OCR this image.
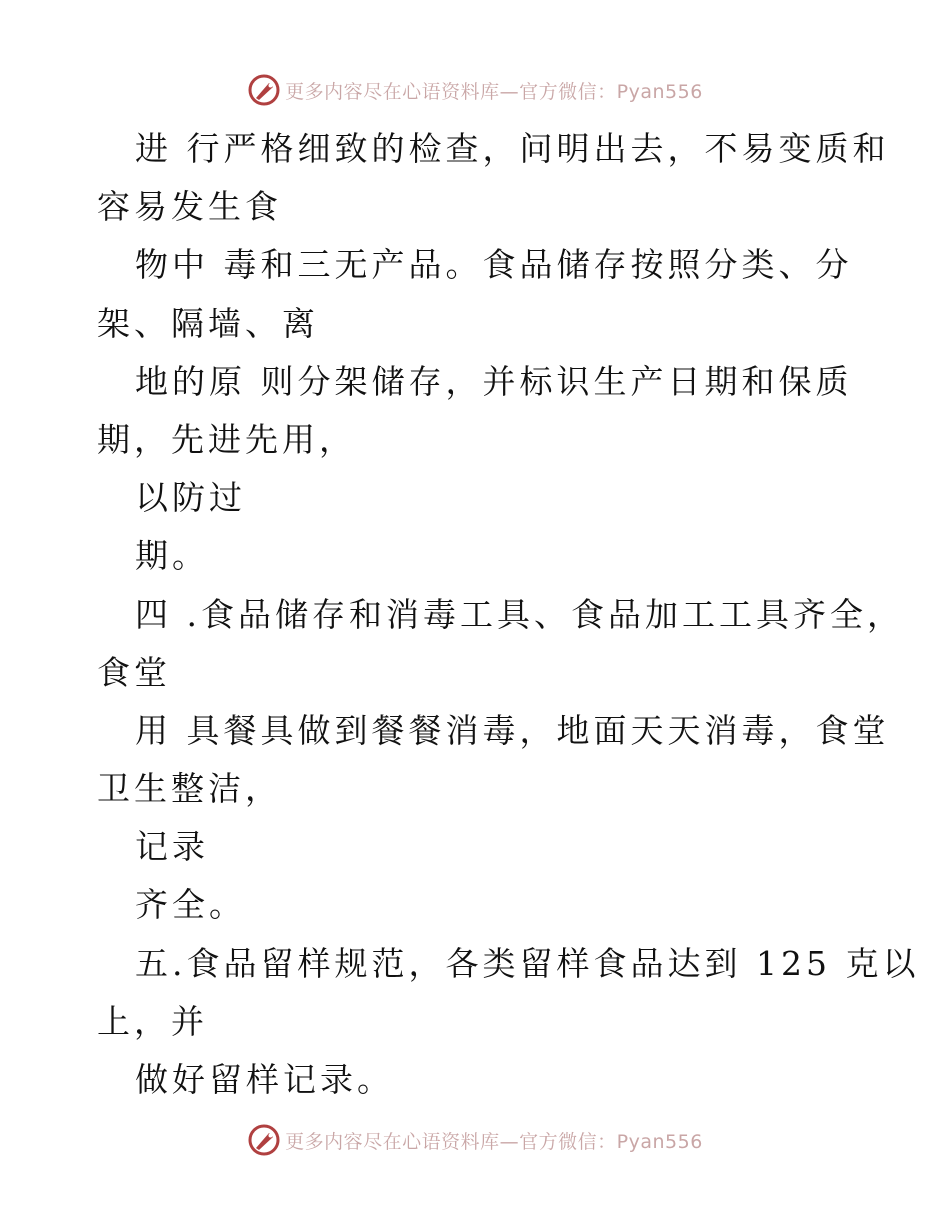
更多内容尽在心语资料库—官方微信：Pyan556
进 行严格细致的检查，问明出去，不易变质和
容易发生食
物中 毒和三无产品。食品储存按照分类、分
架、隔墙、离
地的原 则分架储存，并标识生产日期和保质
期，先进先用，
以防过
期。
四 .食品储存和消毒工具、食品加工工具齐全，
食堂
用 具餐具做到餐餐消毒，地面天天消毒，食堂
卫生整洁，
记录
齐全。
五.食品留样规范，各类留样食品达到 125 克以
上，并
做好留样记录。
更多内容尽在心语资料库—官方微信：Pyan556
